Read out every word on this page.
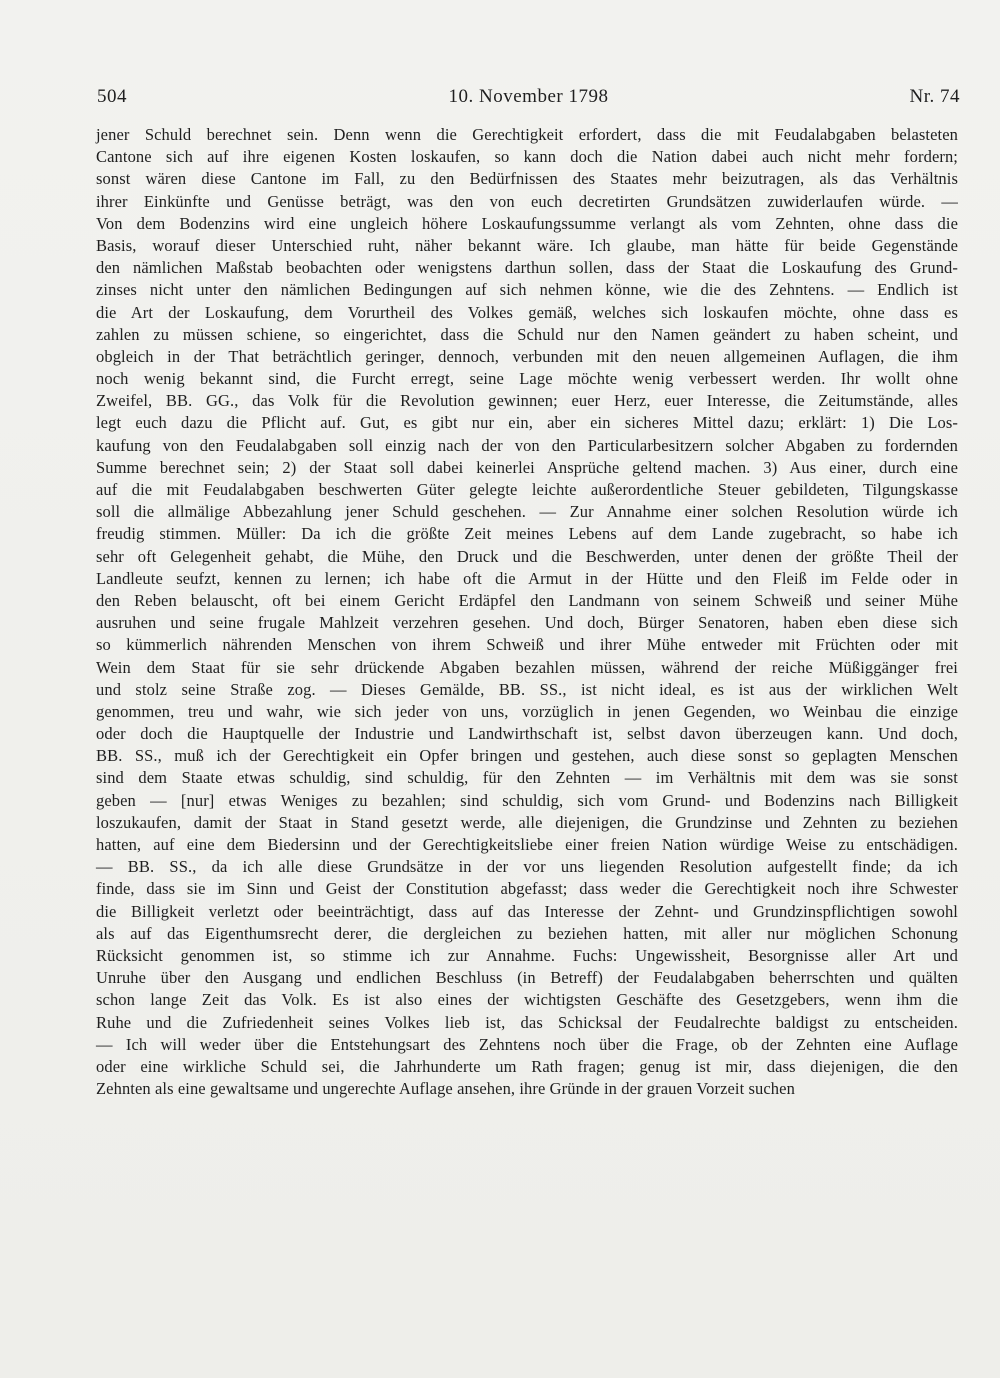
504	10. November 1798	Nr. 74
jener Schuld berechnet sein. Denn wenn die Gerechtigkeit erfordert, dass die mit Feudalabgaben belasteten
Cantone sich auf ihre eigenen Kosten loskaufen, so kann doch die Nation dabei auch nicht mehr fordern;
sonst wären diese Cantone im Fall, zu den Bedürfnissen des Staates mehr beizutragen, als das Verhältnis
ihrer Einkünfte und Genüsse beträgt, was den von euch decretirten Grundsätzen zuwiderlaufen würde. —
Von dem Bodenzins wird eine ungleich höhere Loskaufungssumme verlangt als vom Zehnten, ohne dass die
Basis, worauf dieser Unterschied ruht, näher bekannt wäre. Ich glaube, man hätte für beide Gegenstände
den nämlichen Maßstab beobachten oder wenigstens darthun sollen, dass der Staat die Loskaufung des Grund-
zinses nicht unter den nämlichen Bedingungen auf sich nehmen könne, wie die des Zehntens. — Endlich ist
die Art der Loskaufung, dem Vorurtheil des Volkes gemäß, welches sich loskaufen möchte, ohne dass es
zahlen zu müssen schiene, so eingerichtet, dass die Schuld nur den Namen geändert zu haben scheint, und
obgleich in der That beträchtlich geringer, dennoch, verbunden mit den neuen allgemeinen Auflagen, die ihm
noch wenig bekannt sind, die Furcht erregt, seine Lage möchte wenig verbessert werden. Ihr wollt ohne
Zweifel, BB. GG., das Volk für die Revolution gewinnen; euer Herz, euer Interesse, die Zeitumstände, alles
legt euch dazu die Pflicht auf. Gut, es gibt nur ein, aber ein sicheres Mittel dazu; erklärt: 1) Die Los-
kaufung von den Feudalabgaben soll einzig nach der von den Particularbesitzern solcher Abgaben zu fordernden
Summe berechnet sein; 2) der Staat soll dabei keinerlei Ansprüche geltend machen. 3) Aus einer, durch eine
auf die mit Feudalabgaben beschwerten Güter gelegte leichte außerordentliche Steuer gebildeten, Tilgungskasse
soll die allmälige Abbezahlung jener Schuld geschehen. — Zur Annahme einer solchen Resolution würde ich
freudig stimmen. Müller: Da ich die größte Zeit meines Lebens auf dem Lande zugebracht, so habe ich
sehr oft Gelegenheit gehabt, die Mühe, den Druck und die Beschwerden, unter denen der größte Theil der
Landleute seufzt, kennen zu lernen; ich habe oft die Armut in der Hütte und den Fleiß im Felde oder in
den Reben belauscht, oft bei einem Gericht Erdäpfel den Landmann von seinem Schweiß und seiner Mühe
ausruhen und seine frugale Mahlzeit verzehren gesehen. Und doch, Bürger Senatoren, haben eben diese sich
so kümmerlich nährenden Menschen von ihrem Schweiß und ihrer Mühe entweder mit Früchten oder mit
Wein dem Staat für sie sehr drückende Abgaben bezahlen müssen, während der reiche Müßiggänger frei
und stolz seine Straße zog. — Dieses Gemälde, BB. SS., ist nicht ideal, es ist aus der wirklichen Welt
genommen, treu und wahr, wie sich jeder von uns, vorzüglich in jenen Gegenden, wo Weinbau die einzige
oder doch die Hauptquelle der Industrie und Landwirthschaft ist, selbst davon überzeugen kann. Und doch,
BB. SS., muß ich der Gerechtigkeit ein Opfer bringen und gestehen, auch diese sonst so geplagten Menschen
sind dem Staate etwas schuldig, sind schuldig, für den Zehnten — im Verhältnis mit dem was sie sonst
geben — [nur] etwas Weniges zu bezahlen; sind schuldig, sich vom Grund- und Bodenzins nach Billigkeit
loszukaufen, damit der Staat in Stand gesetzt werde, alle diejenigen, die Grundzinse und Zehnten zu beziehen
hatten, auf eine dem Biedersinn und der Gerechtigkeitsliebe einer freien Nation würdige Weise zu entschädigen.
— BB. SS., da ich alle diese Grundsätze in der vor uns liegenden Resolution aufgestellt finde; da ich
finde, dass sie im Sinn und Geist der Constitution abgefasst; dass weder die Gerechtigkeit noch ihre Schwester
die Billigkeit verletzt oder beeinträchtigt, dass auf das Interesse der Zehnt- und Grundzinspflichtigen sowohl
als auf das Eigenthumsrecht derer, die dergleichen zu beziehen hatten, mit aller nur möglichen Schonung
Rücksicht genommen ist, so stimme ich zur Annahme. Fuchs: Ungewissheit, Besorgnisse aller Art und
Unruhe über den Ausgang und endlichen Beschluss (in Betreff) der Feudalabgaben beherrschten und quälten
schon lange Zeit das Volk. Es ist also eines der wichtigsten Geschäfte des Gesetzgebers, wenn ihm die
Ruhe und die Zufriedenheit seines Volkes lieb ist, das Schicksal der Feudalrechte baldigst zu entscheiden.
— Ich will weder über die Entstehungsart des Zehntens noch über die Frage, ob der Zehnten eine Auflage
oder eine wirkliche Schuld sei, die Jahrhunderte um Rath fragen; genug ist mir, dass diejenigen, die den
Zehnten als eine gewaltsame und ungerechte Auflage ansehen, ihre Gründe in der grauen Vorzeit suchen
